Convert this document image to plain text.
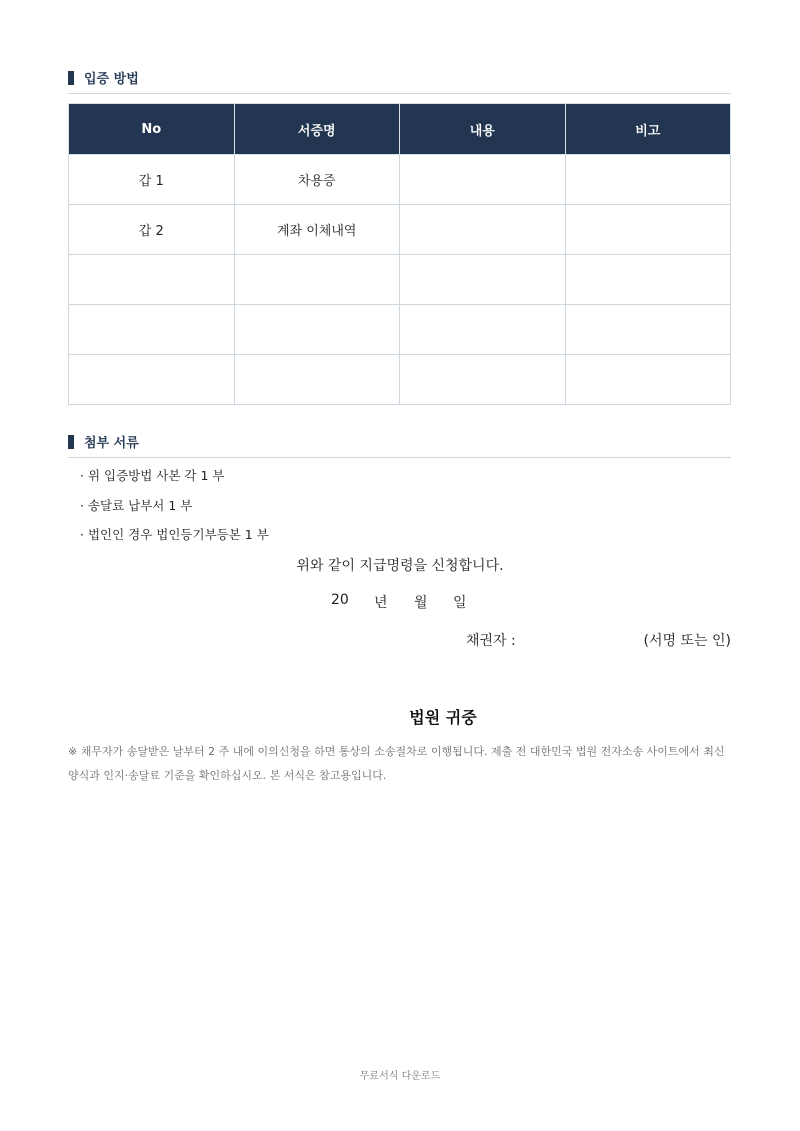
입증 방법
No	서증명	내용	비고
갑 1	차용증		
갑 2	계좌 이체내역		

첨부 서류
· 위 입증방법 사본 각 1 부
· 송달료 납부서 1 부
· 법인인 경우 법인등기부등본 1 부
위와 같이 지급명령을 신청합니다.
20 년 월 일
채권자 :	(서명 또는 인)
법원 귀중
※ 채무자가 송달받은 날부터 2 주 내에 이의신청을 하면 통상의 소송절차로 이행됩니다. 제출 전 대한민국 법원 전자소송 사이트에서 최신 양식과 인지·송달료 기준을 확인하십시오. 본 서식은 참고용입니다.
무료서식 다운로드
